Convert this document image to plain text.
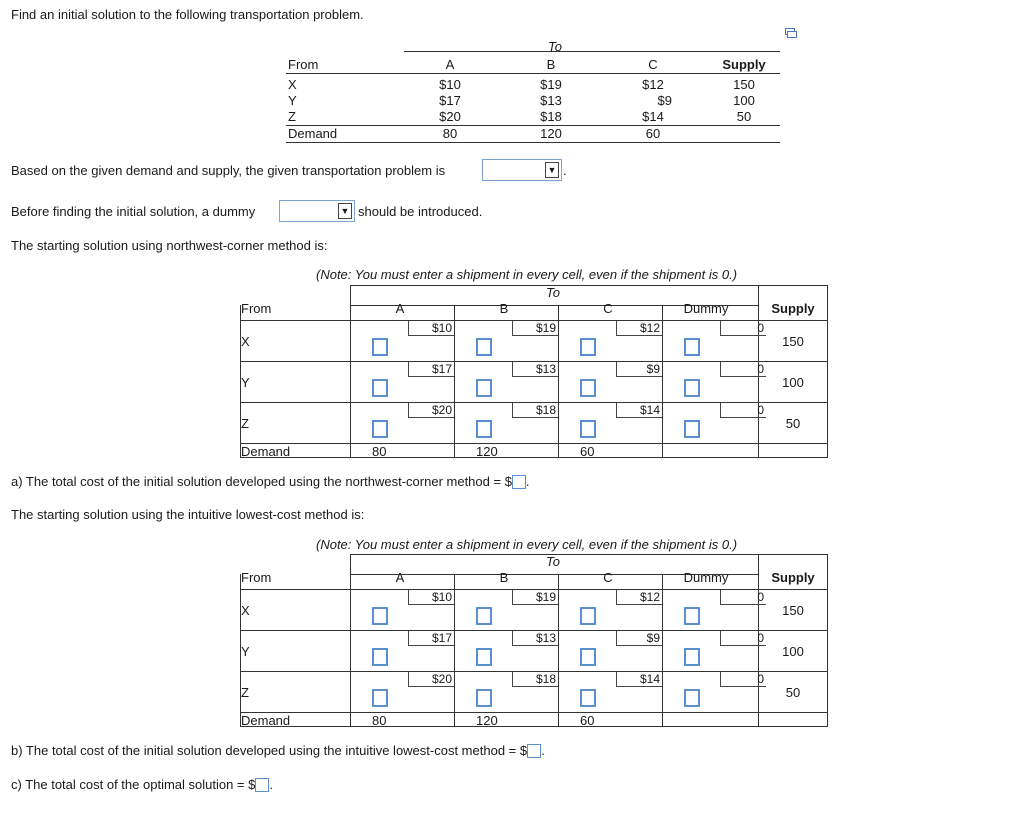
Find an initial solution to the following transportation problem.
To
From	A	B	C	Supply
X	$10	$19	$12	150
Y	$17	$13	$9	100
Z	$20	$18	$14	50
Demand	80	120	60
Based on the given demand and supply, the given transportation problem is	▼ .
Before finding the initial solution, a dummy	▼ should be introduced.
The starting solution using northwest-corner method is:
(Note: You must enter a shipment in every cell, even if the shipment is 0.)
To
From	A	B	C	Dummy	Supply
X
$10	$19	$12	0
150
Y
$17	$13	$9	0
100
Z
$20	$18	$14	0
50
Demand	80	120	60
a) The total cost of the initial solution developed using the northwest-corner method = $ .
The starting solution using the intuitive lowest-cost method is:
(Note: You must enter a shipment in every cell, even if the shipment is 0.)
To
From	A	B	C	Dummy	Supply
X
$10	$19	$12	0
150
Y
$17	$13	$9	0
100
Z
$20	$18	$14	0
50
Demand	80	120	60
b) The total cost of the initial solution developed using the intuitive lowest-cost method = $ .
c) The total cost of the optimal solution = $ .
